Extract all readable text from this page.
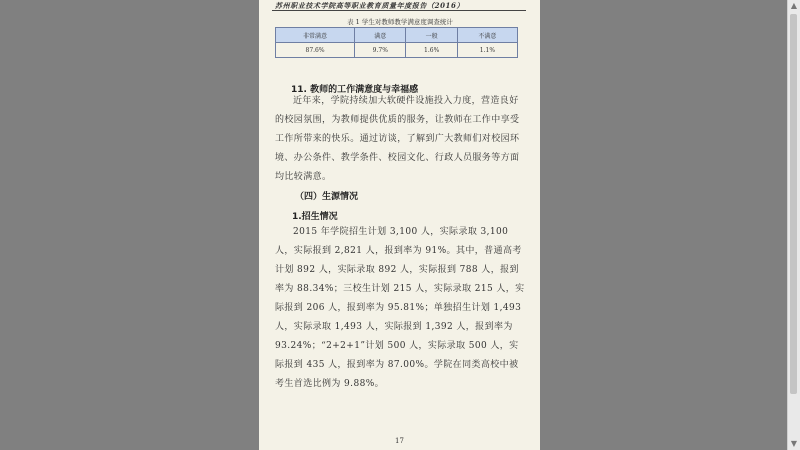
苏州职业技术学院高等职业教育质量年度报告（2016）
表 1 学生对教师教学满意度调查统计
非常满意	满意	一般	不满意
87.6%	9.7%	1.6%	1.1%
11. 教师的工作满意度与幸福感
近年来，学院持续加大软硬件设施投入力度，营造良好的校园氛围，为教师提供优质的服务，让教师在工作中享受工作所带来的快乐。通过访谈，了解到广大教师们对校园环境、办公条件、教学条件、校园文化、行政人员服务等方面均比较满意。
（四）生源情况
1.招生情况
2015 年学院招生计划 3,100 人，实际录取 3,100 人，实际报到 2,821 人，报到率为 91%。其中，普通高考计划 892 人，实际录取 892 人，实际报到 788 人，报到率为 88.34%；三校生计划 215 人，实际录取 215 人，实际报到 206 人，报到率为 95.81%；单独招生计划 1,493 人，实际录取 1,493 人，实际报到 1,392 人，报到率为 93.24%；“2+2+1”计划 500 人，实际录取 500 人，实际报到 435 人，报到率为 87.00%。学院在同类高校中被考生首选比例为 9.88%。
17
▲
▼
